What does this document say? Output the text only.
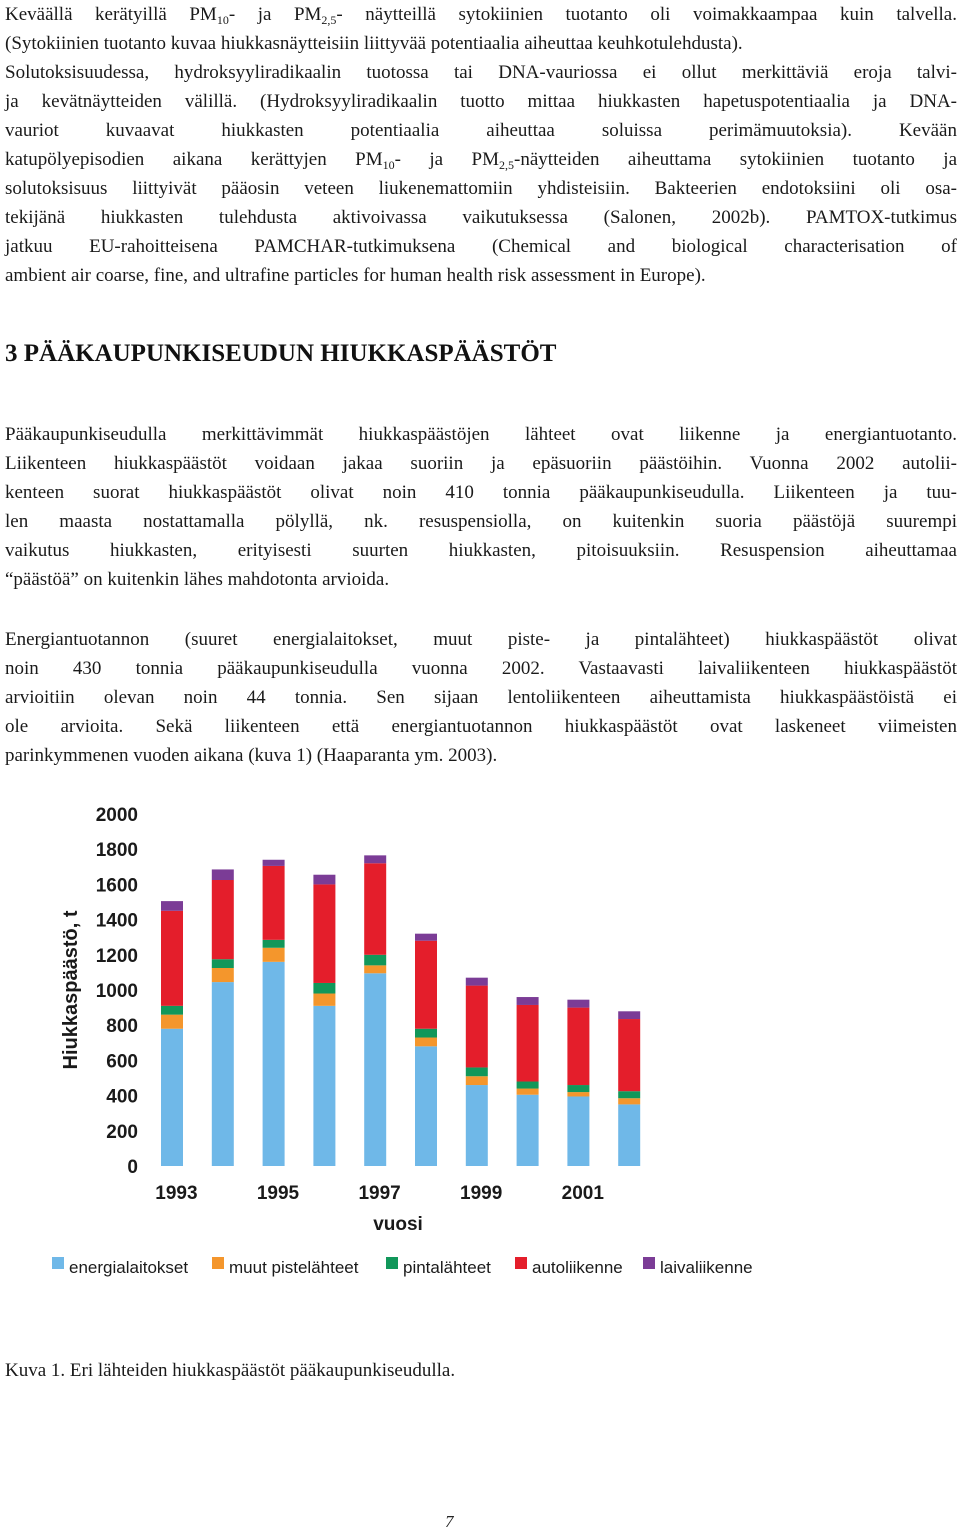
Keväällä kerätyillä $PM_{10}-$ ja $PM_{2,5}-$ näytteillä sytokiinien tuotanto oli voimakkaampaa kuin talvella.
(Sytokiinien tuotanto kuvaa hiukkasnäytteisiin liittyvää potentiaalia aiheuttaa keuhkotulehdusta).
Solutoksisuudessa, hydroksyyliradikaalin tuotossa tai DNA-vauriossa ei ollut merkittäviä eroja talvi-
ja kevätnäytteiden välillä. (Hydroksyyliradikaalin tuotto mittaa hiukkasten hapetuspotentiaalia ja DNA-
vauriot kuvaavat hiukkasten potentiaalia aiheuttaa soluissa perimämuutoksia). Kevään
katupölyepisodien aikana kerättyjen $PM_{10}-$ ja $PM_{2,5}$-näytteiden aiheuttama sytokiinien tuotanto ja
solutoksisuus liittyivät pääosin veteen liukenemattomiin yhdisteisiin. Bakteerien endotoksiini oli osa-
tekijänä hiukkasten tulehdusta aktivoivassa vaikutuksessa (Salonen, 2002b). PAMTOX-tutkimus
jatkuu EU-rahoitteisena PAMCHAR-tutkimuksena (Chemical and biological characterisation of
ambient air coarse, fine, and ultrafine particles for human health risk assessment in Europe).
3 PÄÄKAUPUNKISEUDUN HIUKKASPÄÄSTÖT
Pääkaupunkiseudulla merkittävimmät hiukkaspäästöjen lähteet ovat liikenne ja energiantuotanto.
Liikenteen hiukkaspäästöt voidaan jakaa suoriin ja epäsuoriin päästöihin. Vuonna 2002 autolii-
kenteen suorat hiukkaspäästöt olivat noin 410 tonnia pääkaupunkiseudulla. Liikenteen ja tuu-
len maasta nostattamalla pölyllä, nk. resuspensiolla, on kuitenkin suoria päästöjä suurempi
vaikutus hiukkasten, erityisesti suurten hiukkasten, pitoisuuksiin. Resuspension aiheuttamaa
“päästöä” on kuitenkin lähes mahdotonta arvioida.
Energiantuotannon (suuret energialaitokset, muut piste- ja pintalähteet) hiukkaspäästöt olivat
noin 430 tonnia pääkaupunkiseudulla vuonna 2002. Vastaavasti laivaliikenteen hiukkaspäästöt
arvioitiin olevan noin 44 tonnia. Sen sijaan lentoliikenteen aiheuttamista hiukkaspäästöistä ei
ole arvioita. Sekä liikenteen että energiantuotannon hiukkaspäästöt ovat laskeneet viimeisten
parinkymmenen vuoden aikana (kuva 1) (Haaparanta ym. 2003).
Hiukkaspäästö, t
0
200
400
600
800
1000
1200
1400
1600
1800
2000
1993	1995	1997	1999	2001
vuosi
energialaitokset muut pistelähteet	pintalähteet autoliikenne laivaliikenne

Kuva 1. Eri lähteiden hiukkaspäästöt pääkaupunkiseudulla.

7
